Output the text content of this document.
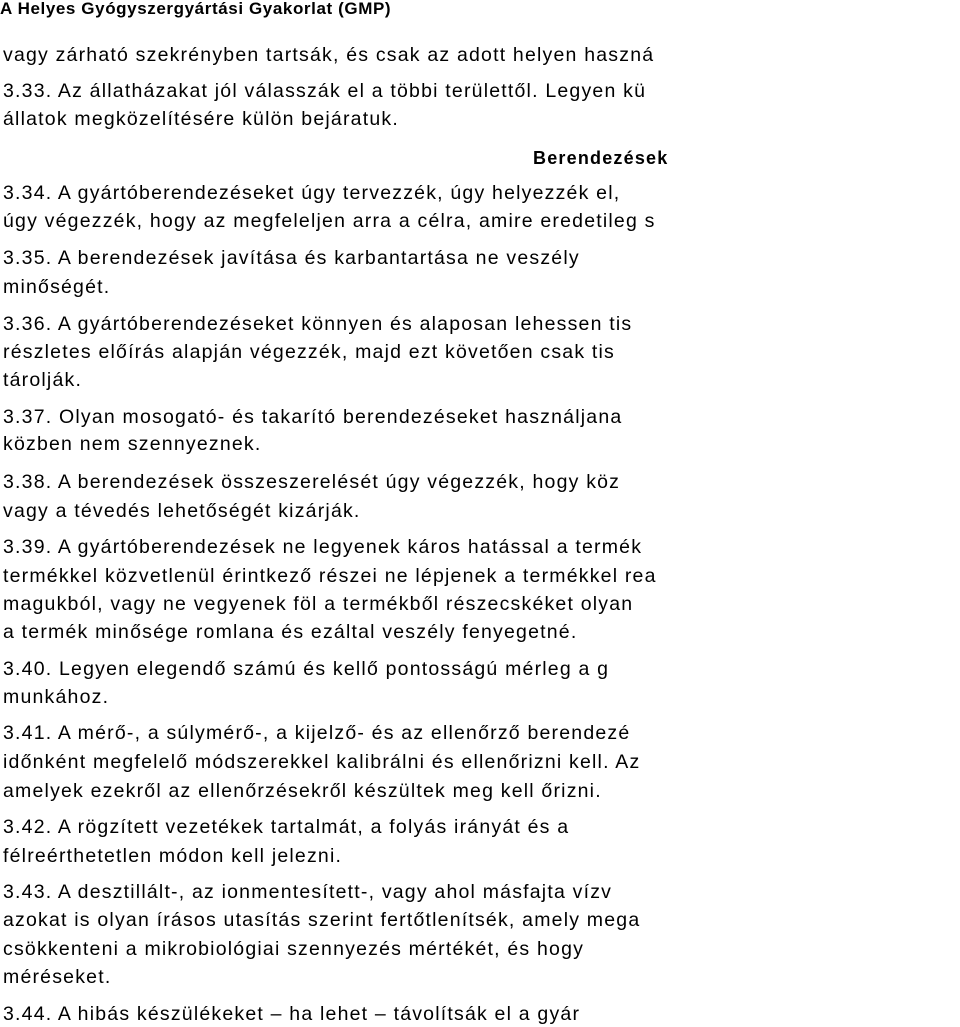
A Helyes Gyógyszergyártási Gyakorlat (GMP)
vagy zárható szekrényben tartsák, és csak az adott helyen haszná
3.33. Az állatházakat jól válasszák el a többi területtől. Legyen kü
állatok megközelítésére külön bejáratuk.
Berendezések
3.34. A gyártóberendezéseket úgy tervezzék, úgy helyezzék el,
úgy végezzék, hogy az megfeleljen arra a célra, amire eredetileg s
3.35. A berendezések javítása és karbantartása ne veszély
minőségét.
3.36. A gyártóberendezéseket könnyen és alaposan lehessen tis
részletes előírás alapján végezzék, majd ezt követően csak tis
tárolják.
3.37. Olyan mosogató- és takarító berendezéseket használjana
közben nem szennyeznek.
3.38. A berendezések összeszerelését úgy végezzék, hogy köz
vagy a tévedés lehetőségét kizárják.
3.39. A gyártóberendezések ne legyenek káros hatással a termék
termékkel közvetlenül érintkező részei ne lépjenek a termékkel rea
magukból, vagy ne vegyenek föl a termékből részecskéket olyan
a termék minősége romlana és ezáltal veszély fenyegetné.
3.40. Legyen elegendő számú és kellő pontosságú mérleg a g
munkához.
3.41. A mérő-, a súlymérő-, a kijelző- és az ellenőrző berendezé
időnként megfelelő módszerekkel kalibrálni és ellenőrizni kell. Az
amelyek ezekről az ellenőrzésekről készültek meg kell őrizni.
3.42. A rögzített vezetékek tartalmát, a folyás irányát és a
félreérthetetlen módon kell jelezni.
3.43. A desztillált-, az ionmentesített-, vagy ahol másfajta vízv
azokat is olyan írásos utasítás szerint fertőtlenítsék, amely mega
csökkenteni a mikrobiológiai szennyezés mértékét, és hogy
méréseket.
3.44. A hibás készülékeket – ha lehet – távolítsák el a gyár
